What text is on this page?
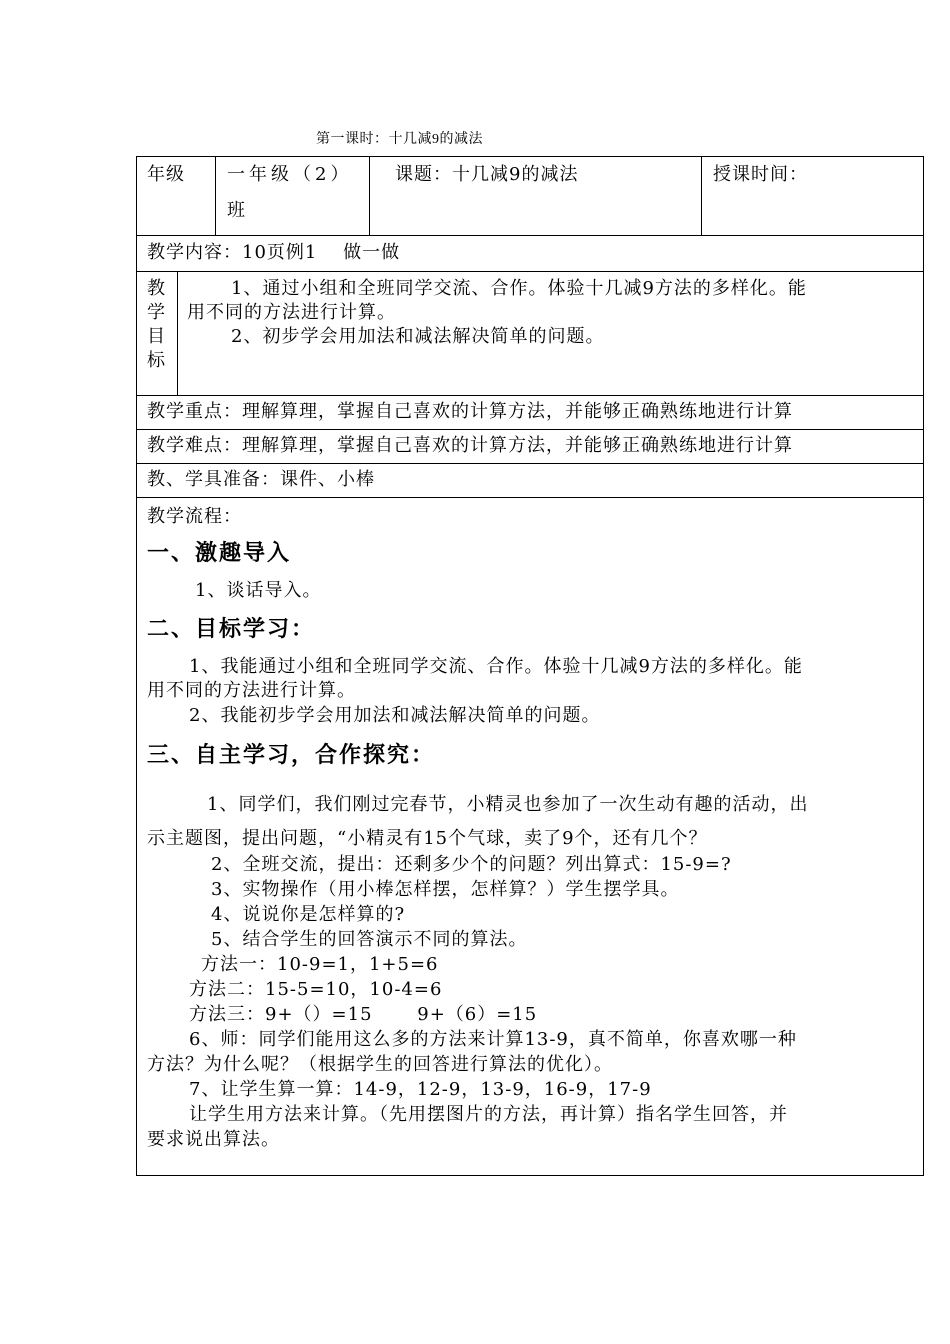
第一课时：十几减9的减法
年级 一年级（2）
班
课题：十几减9的减法	授课时间：
教学内容：10页例1　 做一做
教
学
目
标
1、通过小组和全班同学交流、合作。体验十几减9方法的多样化。能
用不同的方法进行计算。
2、初步学会用加法和减法解决简单的问题。
教学重点：理解算理，掌握自己喜欢的计算方法，并能够正确熟练地进行计算
教学难点：理解算理，掌握自己喜欢的计算方法，并能够正确熟练地进行计算
教、学具准备：课件、小棒
教学流程：
一、激趣导入
1、谈话导入。
二、目标学习：
1、我能通过小组和全班同学交流、合作。体验十几减9方法的多样化。能
用不同的方法进行计算。
2、我能初步学会用加法和减法解决简单的问题。
三、自主学习，合作探究：
1、同学们，我们刚过完春节，小精灵也参加了一次生动有趣的活动，出
示主题图，提出问题，“小精灵有15个气球，卖了9个，还有几个？
2、全班交流，提出：还剩多少个的问题？列出算式：15-9=?
3、实物操作（用小棒怎样摆，怎样算？）学生摆学具。
4、说说你是怎样算的?
5、结合学生的回答演示不同的算法。
方法一：10-9=1，1+5=6
方法二：15-5=10，10-4=6
方法三：9+（）=15　　 9+（6）=15
6、师：同学们能用这么多的方法来计算13-9，真不简单，你喜欢哪一种
方法？为什么呢？（根据学生的回答进行算法的优化）。
7、让学生算一算：14-9，12-9，13-9，16-9，17-9
让学生用方法来计算。（先用摆图片的方法，再计算）指名学生回答，并
要求说出算法。
